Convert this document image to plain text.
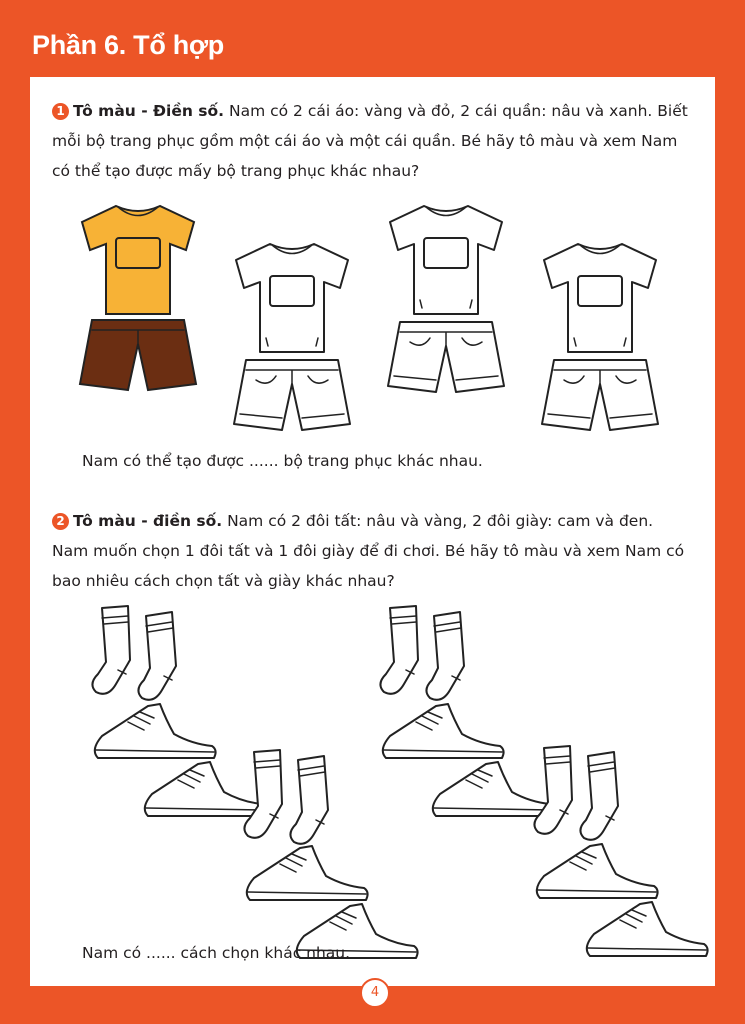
Phần 6. Tổ hợp

1 Tô màu - Điền số. Nam có 2 cái áo: vàng và đỏ, 2 cái quần: nâu và xanh. Biết mỗi bộ trang phục gồm một cái áo và một cái quần. Bé hãy tô màu và xem Nam có thể tạo được mấy bộ trang phục khác nhau?

Nam có thể tạo được ...... bộ trang phục khác nhau.

2 Tô màu - điền số. Nam có 2 đôi tất: nâu và vàng, 2 đôi giày: cam và đen. Nam muốn chọn 1 đôi tất và 1 đôi giày để đi chơi. Bé hãy tô màu và xem Nam có bao nhiêu cách chọn tất và giày khác nhau?

Nam có ...... cách chọn khác nhau.
4
